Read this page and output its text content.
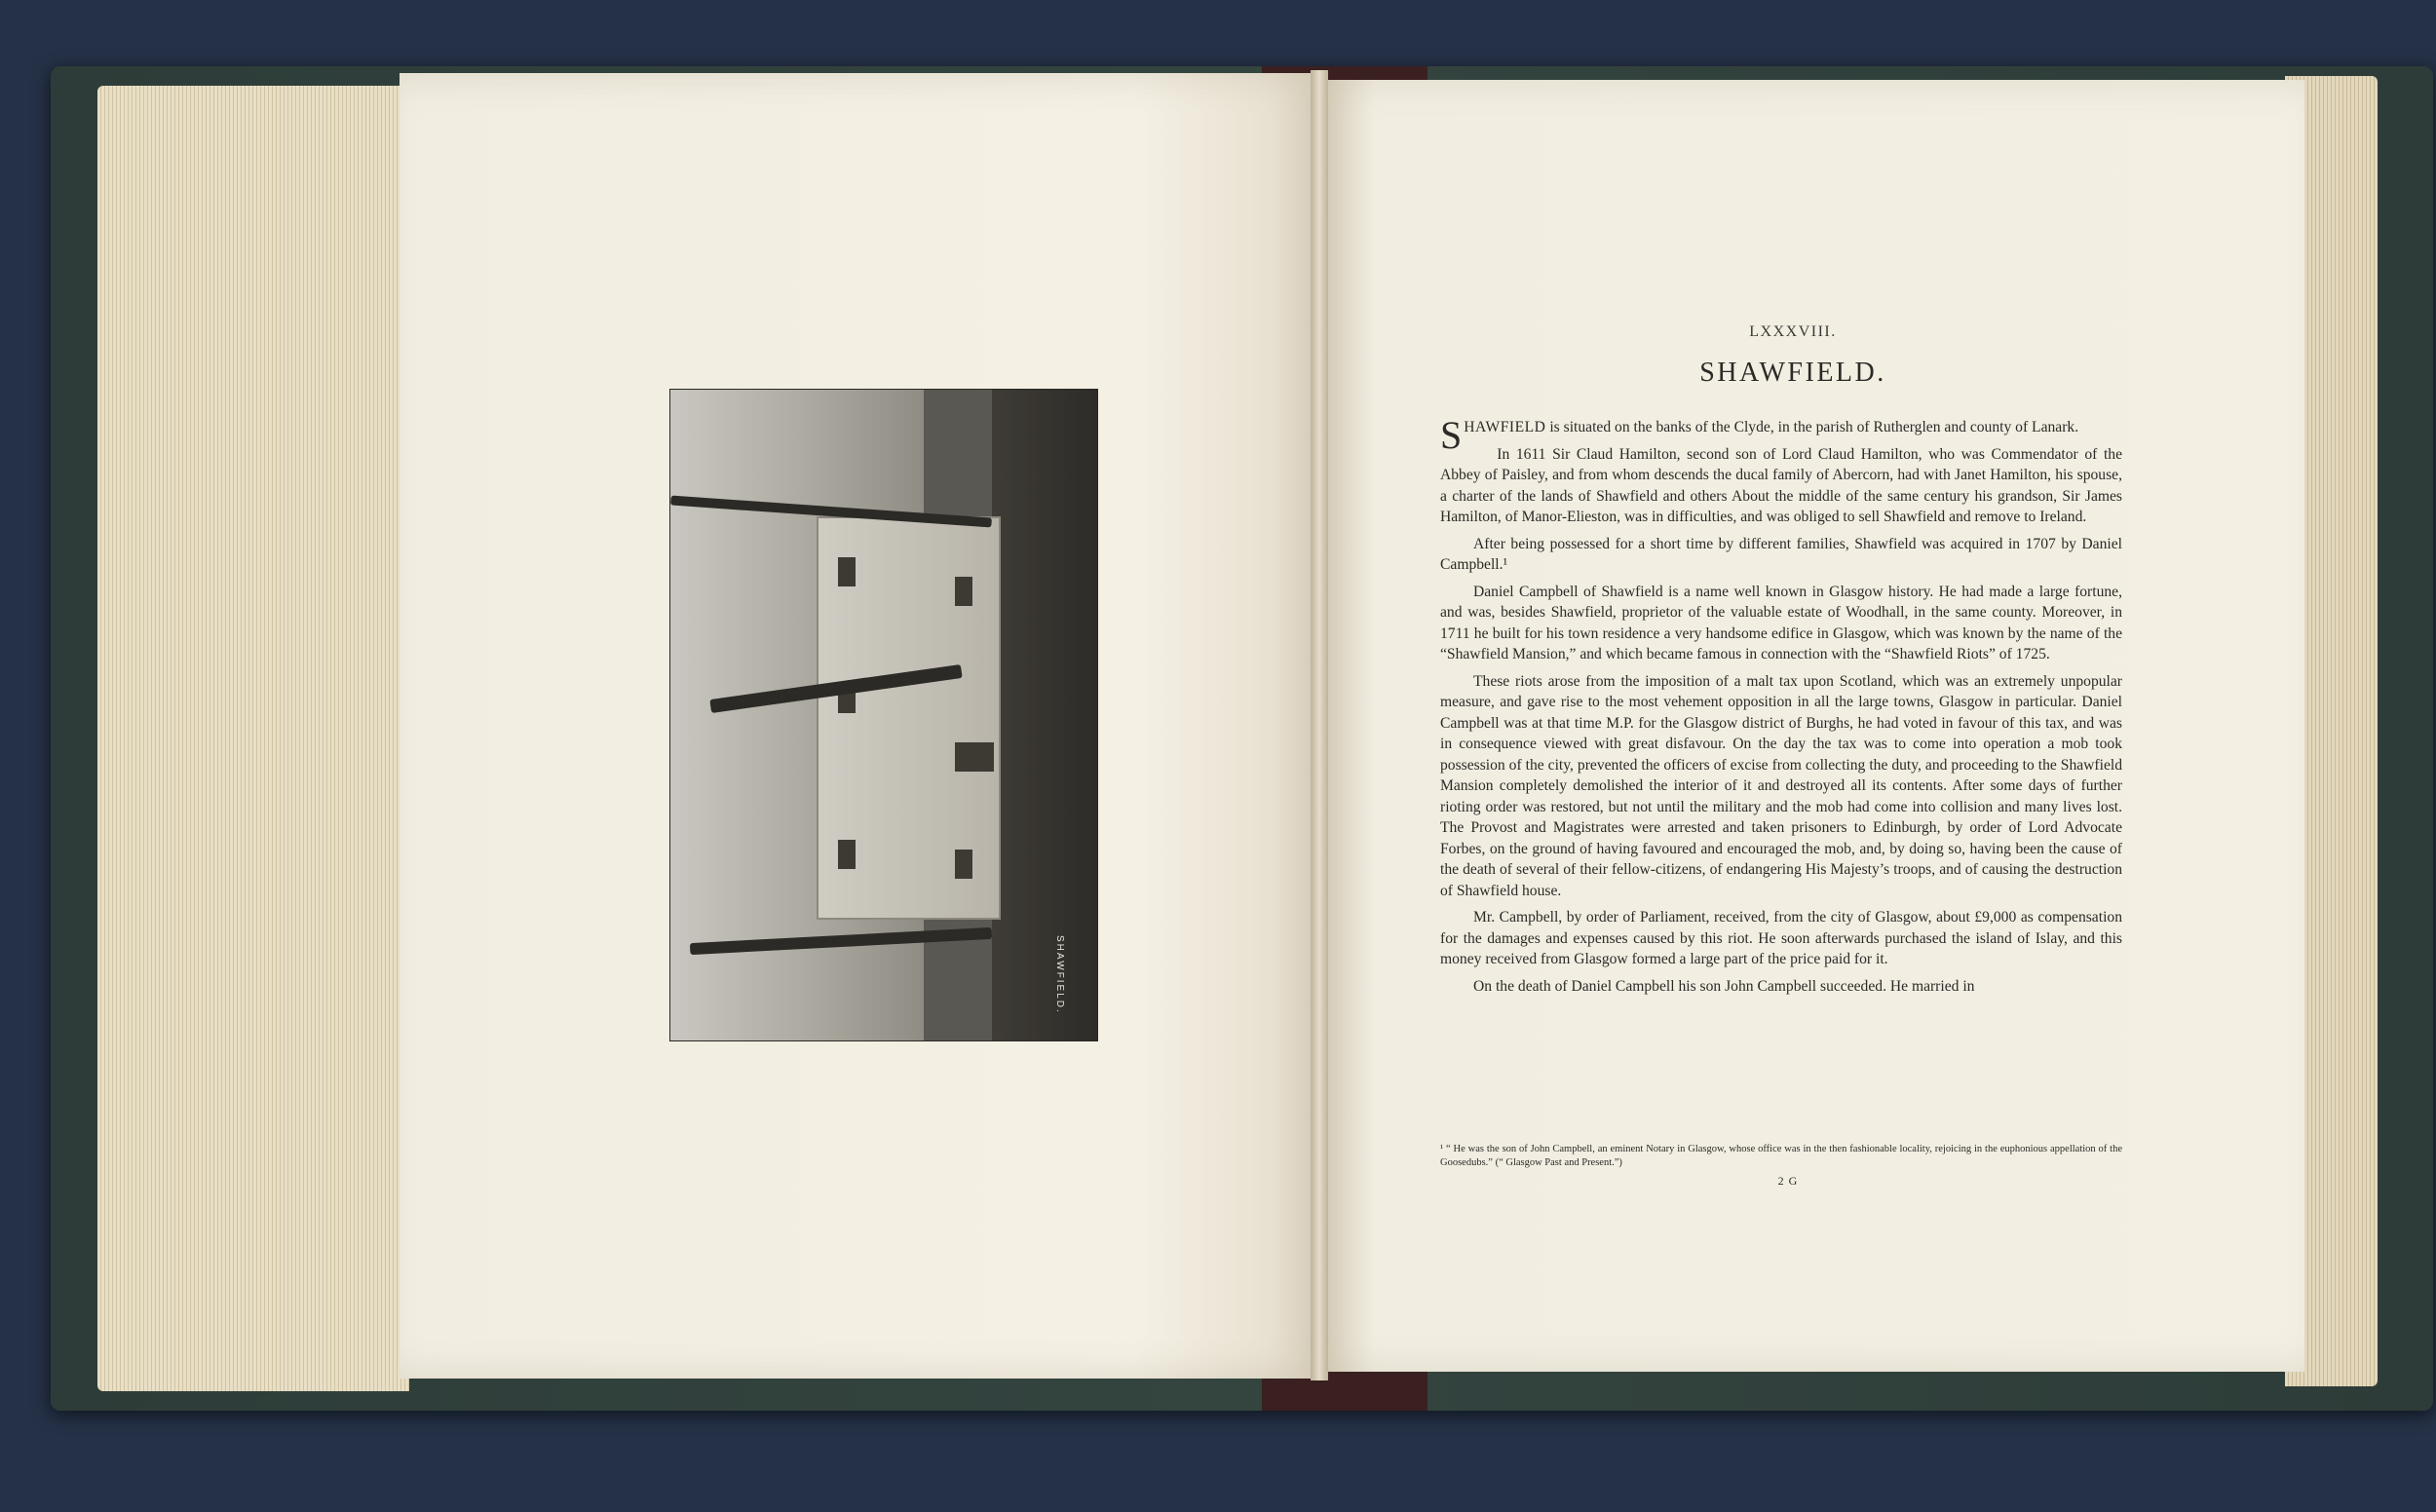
SHAWFIELD.
LXXXVIII.
SHAWFIELD.

SHAWFIELD is situated on the banks of the Clyde, in the parish of Rutherglen and county of Lanark.

In 1611 Sir Claud Hamilton, second son of Lord Claud Hamilton, who was Commendator of the Abbey of Paisley, and from whom descends the ducal family of Abercorn, had with Janet Hamilton, his spouse, a charter of the lands of Shawfield and others About the middle of the same century his grandson, Sir James Hamilton, of Manor-Elieston, was in difficulties, and was obliged to sell Shawfield and remove to Ireland.

After being possessed for a short time by different families, Shawfield was acquired in 1707 by Daniel Campbell.¹

Daniel Campbell of Shawfield is a name well known in Glasgow history. He had made a large fortune, and was, besides Shawfield, proprietor of the valuable estate of Woodhall, in the same county. Moreover, in 1711 he built for his town residence a very handsome edifice in Glasgow, which was known by the name of the “Shawfield Mansion,” and which became famous in connection with the “Shawfield Riots” of 1725.

These riots arose from the imposition of a malt tax upon Scotland, which was an extremely unpopular measure, and gave rise to the most vehement opposition in all the large towns, Glasgow in particular. Daniel Campbell was at that time M.P. for the Glasgow district of Burghs, he had voted in favour of this tax, and was in consequence viewed with great disfavour. On the day the tax was to come into operation a mob took possession of the city, prevented the officers of excise from collecting the duty, and proceeding to the Shawfield Mansion completely demolished the interior of it and destroyed all its contents. After some days of further rioting order was restored, but not until the military and the mob had come into collision and many lives lost. The Provost and Magistrates were arrested and taken prisoners to Edinburgh, by order of Lord Advocate Forbes, on the ground of having favoured and encouraged the mob, and, by doing so, having been the cause of the death of several of their fellow-citizens, of endangering His Majesty’s troops, and of causing the destruction of Shawfield house.

Mr. Campbell, by order of Parliament, received, from the city of Glasgow, about £9,000 as compensation for the damages and expenses caused by this riot. He soon afterwards purchased the island of Islay, and this money received from Glasgow formed a large part of the price paid for it.

On the death of Daniel Campbell his son John Campbell succeeded. He married in

¹ “ He was the son of John Campbell, an eminent Notary in Glasgow, whose office was in the then fashionable locality, rejoicing in the euphonious appellation of the Goosedubs.” (“ Glasgow Past and Present.”)
2 G
